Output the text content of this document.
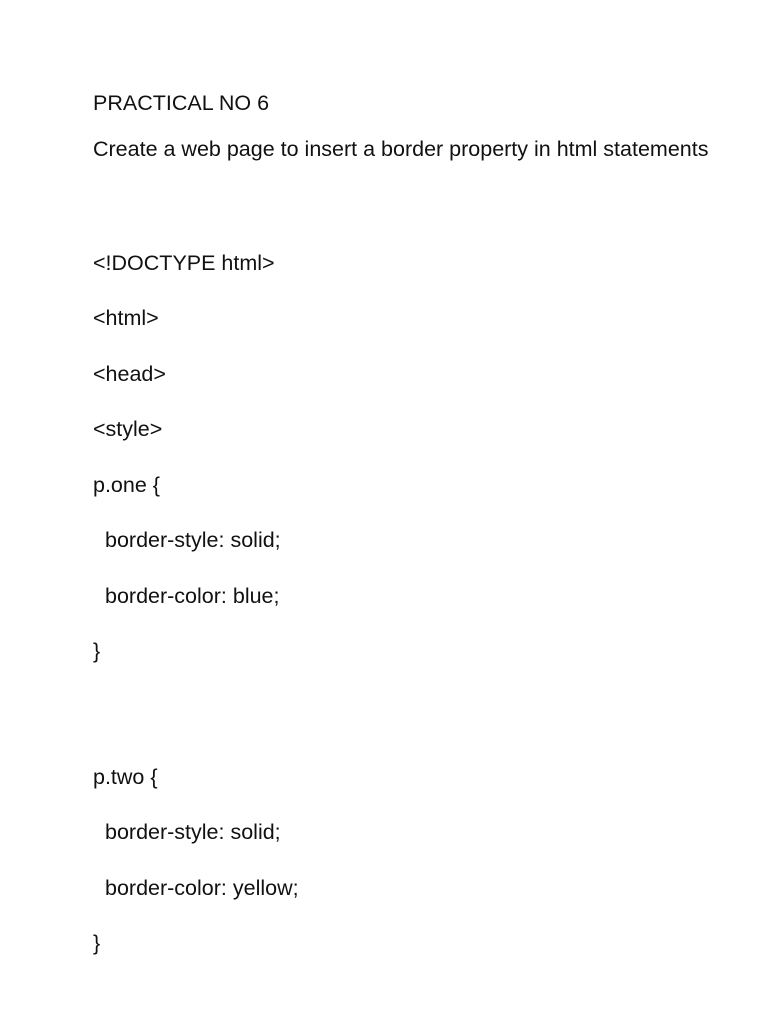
PRACTICAL NO 6

Create a web page to insert a border property in html statements

<!DOCTYPE html>

<html>

<head>

<style>

p.one {

border-style: solid;

border-color: blue;

}

p.two {

border-style: solid;

border-color: yellow;

}
